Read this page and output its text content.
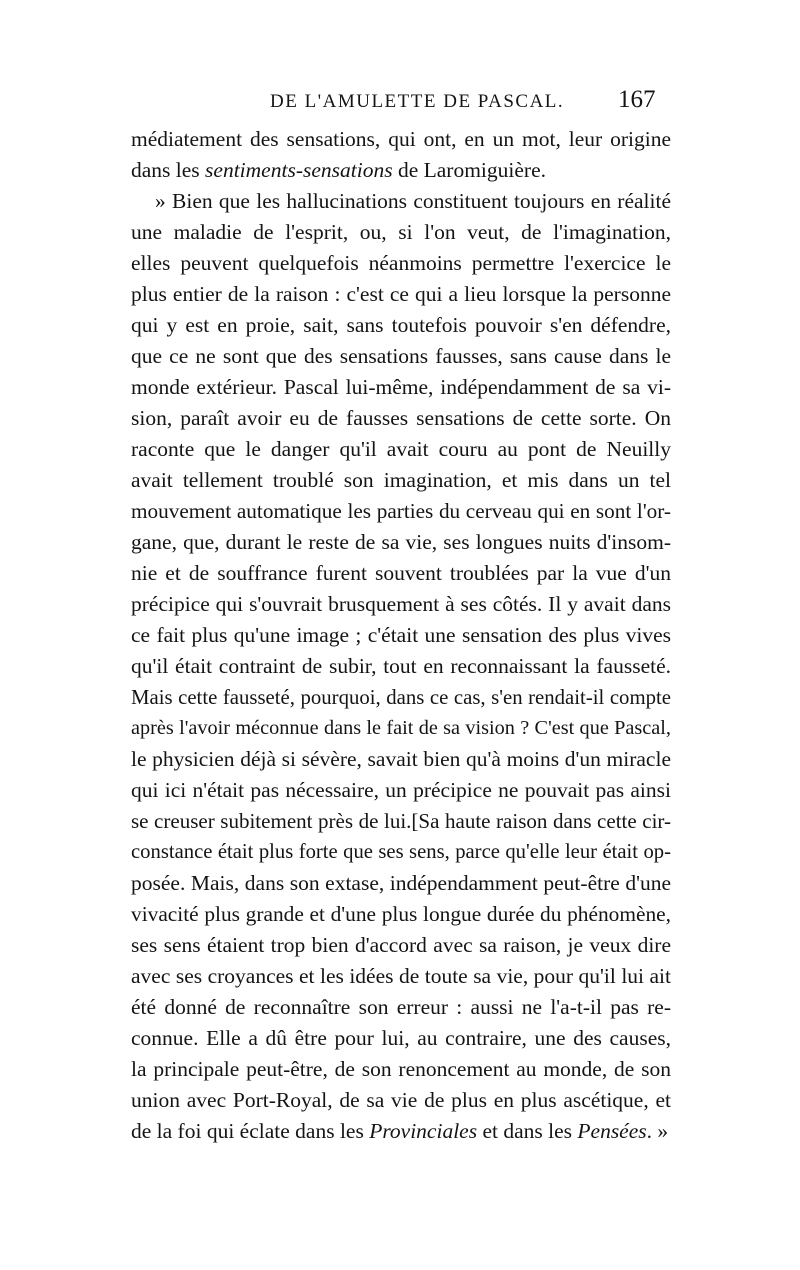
DE L'AMULETTE DE PASCAL. 167
médiatement des sensations, qui ont, en un mot, leur origine
dans les sentiments-sensations de Laromiguière.
» Bien que les hallucinations constituent toujours en réalité
une maladie de l'esprit, ou, si l'on veut, de l'imagination,
elles peuvent quelquefois néanmoins permettre l'exercice le
plus entier de la raison : c'est ce qui a lieu lorsque la personne
qui y est en proie, sait, sans toutefois pouvoir s'en défendre,
que ce ne sont que des sensations fausses, sans cause dans le
monde extérieur. Pascal lui-même, indépendamment de sa vi-
sion, paraît avoir eu de fausses sensations de cette sorte. On
raconte que le danger qu'il avait couru au pont de Neuilly
avait tellement troublé son imagination, et mis dans un tel
mouvement automatique les parties du cerveau qui en sont l'or-
gane, que, durant le reste de sa vie, ses longues nuits d'insom-
nie et de souffrance furent souvent troublées par la vue d'un
précipice qui s'ouvrait brusquement à ses côtés. Il y avait dans
ce fait plus qu'une image ; c'était une sensation des plus vives
qu'il était contraint de subir, tout en reconnaissant la fausseté.
Mais cette fausseté, pourquoi, dans ce cas, s'en rendait-il compte
après l'avoir méconnue dans le fait de sa vision ? C'est que Pascal,
le physicien déjà si sévère, savait bien qu'à moins d'un miracle
qui ici n'était pas nécessaire, un précipice ne pouvait pas ainsi
se creuser subitement près de lui.[Sa haute raison dans cette cir-
constance était plus forte que ses sens, parce qu'elle leur était op-
posée. Mais, dans son extase, indépendamment peut-être d'une
vivacité plus grande et d'une plus longue durée du phénomène,
ses sens étaient trop bien d'accord avec sa raison, je veux dire
avec ses croyances et les idées de toute sa vie, pour qu'il lui ait
été donné de reconnaître son erreur : aussi ne l'a-t-il pas re-
connue. Elle a dû être pour lui, au contraire, une des causes,
la principale peut-être, de son renoncement au monde, de son
union avec Port-Royal, de sa vie de plus en plus ascétique, et
de la foi qui éclate dans les Provinciales et dans les Pensées. »
